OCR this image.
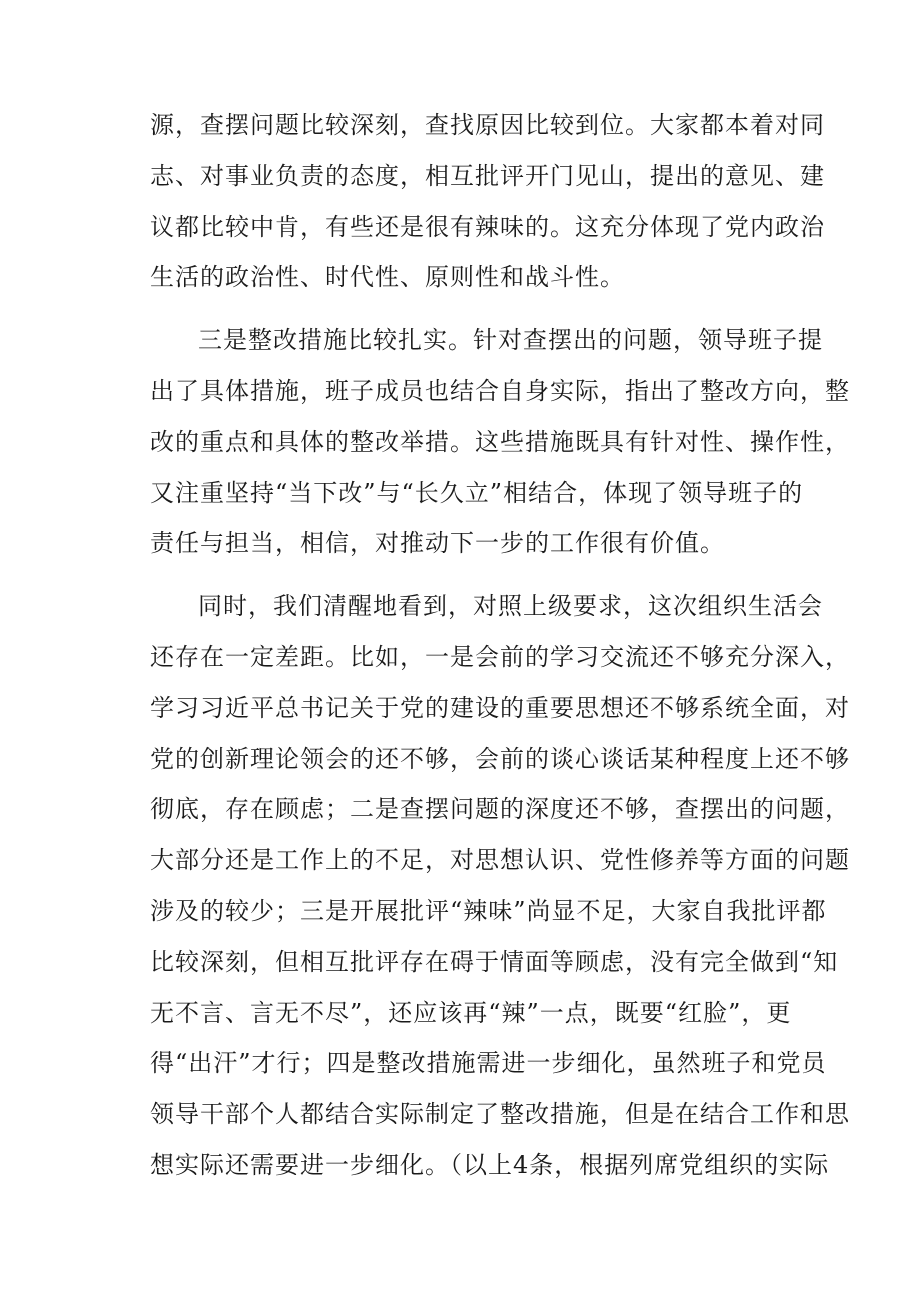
源，查摆问题比较深刻，查找原因比较到位。大家都本着对同
志、对事业负责的态度，相互批评开门见山，提出的意见、建
议都比较中肯，有些还是很有辣味的。这充分体现了党内政治
生活的政治性、时代性、原则性和战斗性。
三是整改措施比较扎实。针对查摆出的问题，领导班子提
出了具体措施，班子成员也结合自身实际，指出了整改方向，整
改的重点和具体的整改举措。这些措施既具有针对性、操作性，
又注重坚持“当下改”与“长久立”相结合，体现了领导班子的
责任与担当，相信，对推动下一步的工作很有价值。
同时，我们清醒地看到，对照上级要求，这次组织生活会
还存在一定差距。比如，一是会前的学习交流还不够充分深入，
学习习近平总书记关于党的建设的重要思想还不够系统全面，对
党的创新理论领会的还不够，会前的谈心谈话某种程度上还不够
彻底，存在顾虑；二是查摆问题的深度还不够，查摆出的问题，
大部分还是工作上的不足，对思想认识、党性修养等方面的问题
涉及的较少；三是开展批评“辣味”尚显不足，大家自我批评都
比较深刻，但相互批评存在碍于情面等顾虑，没有完全做到“知
无不言、言无不尽”，还应该再“辣”一点，既要“红脸”，更
得“出汗”才行；四是整改措施需进一步细化，虽然班子和党员
领导干部个人都结合实际制定了整改措施，但是在结合工作和思
想实际还需要进一步细化。（以上4条，根据列席党组织的实际
